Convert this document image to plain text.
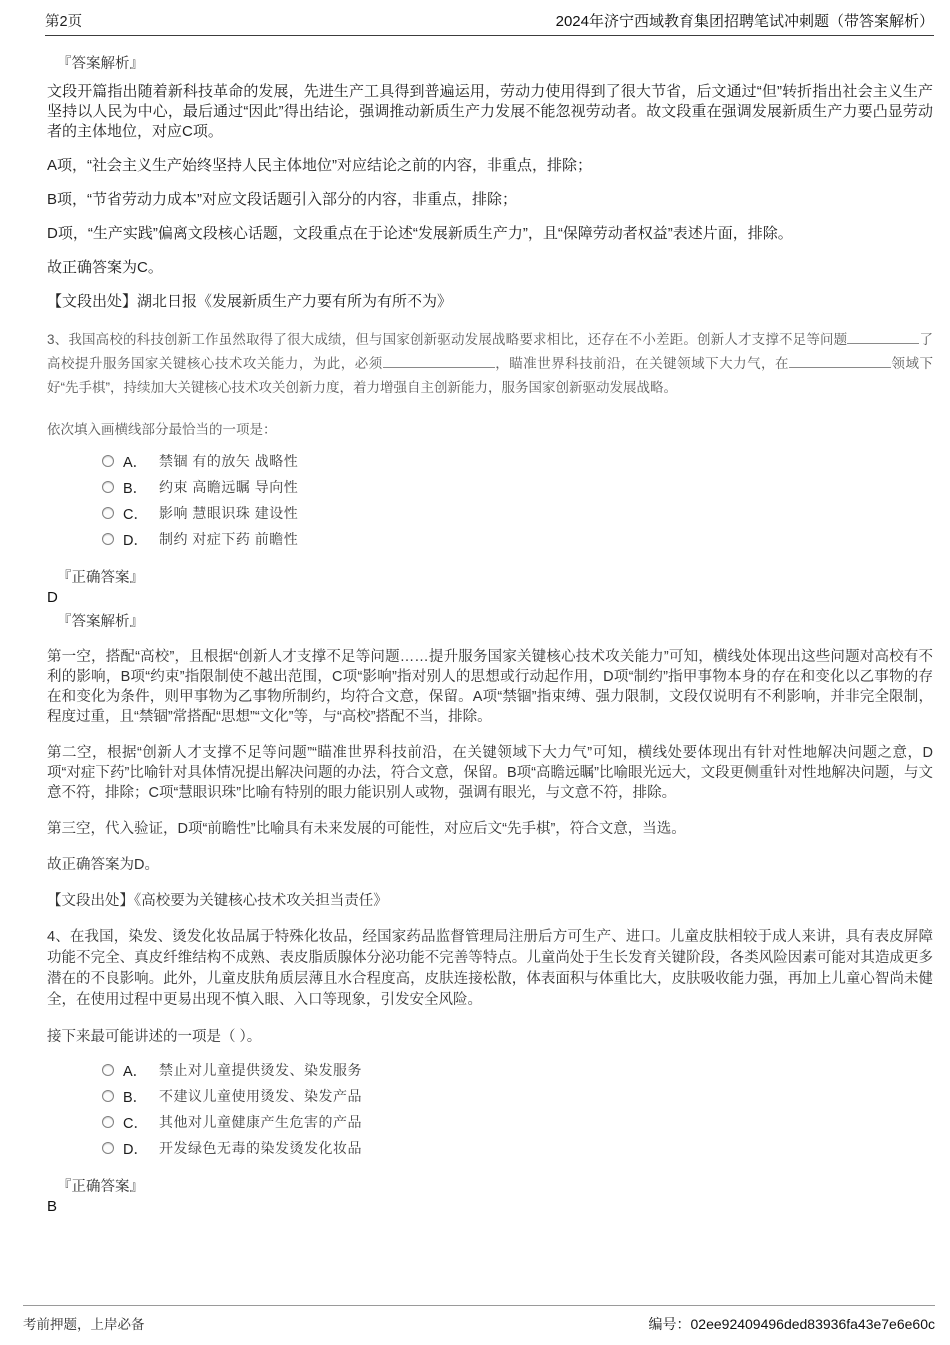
第2页	2024年济宁西域教育集团招聘笔试冲刺题（带答案解析）

『答案解析』

文段开篇指出随着新科技革命的发展，先进生产工具得到普遍运用，劳动力使用得到了很大节省，后文通过“但”转折指出社会主义生产坚持以人民为中心，最后通过“因此”得出结论，强调推动新质生产力发展不能忽视劳动者。故文段重在强调发展新质生产力要凸显劳动者的主体地位，对应C项。

A项，“社会主义生产始终坚持人民主体地位”对应结论之前的内容，非重点，排除；

B项，“节省劳动力成本”对应文段话题引入部分的内容，非重点，排除；

D项，“生产实践”偏离文段核心话题，文段重点在于论述“发展新质生产力”，且“保障劳动者权益”表述片面，排除。

故正确答案为C。

【文段出处】湖北日报《发展新质生产力要有所为有所不为》

3、我国高校的科技创新工作虽然取得了很大成绩，但与国家创新驱动发展战略要求相比，还存在不小差距。创新人才支撑不足等问题	了高校提升服务国家关键核心技术攻关能力，为此，必须	，瞄准世界科技前沿，在关键领域下大力气，在	领域下好“先手棋”，持续加大关键核心技术攻关创新力度，着力增强自主创新能力，服务国家创新驱动发展战略。

依次填入画横线部分最恰当的一项是：

A． 禁锢 有的放矢 战略性
B． 约束 高瞻远瞩 导向性
C． 影响 慧眼识珠 建设性
D． 制约 对症下药 前瞻性

『正确答案』

D

『答案解析』

第一空，搭配“高校”，且根据“创新人才支撑不足等问题……提升服务国家关键核心技术攻关能力”可知，横线处体现出这些问题对高校有不利的影响，B项“约束”指限制使不越出范围，C项“影响”指对别人的思想或行动起作用，D项“制约”指甲事物本身的存在和变化以乙事物的存在和变化为条件，则甲事物为乙事物所制约，均符合文意，保留。A项“禁锢”指束缚、强力限制，文段仅说明有不利影响，并非完全限制，程度过重，且“禁锢”常搭配“思想”“文化”等，与“高校”搭配不当，排除。

第二空，根据“创新人才支撑不足等问题”“瞄准世界科技前沿，在关键领域下大力气”可知，横线处要体现出有针对性地解决问题之意，D项“对症下药”比喻针对具体情况提出解决问题的办法，符合文意，保留。B项“高瞻远瞩”比喻眼光远大，文段更侧重针对性地解决问题，与文意不符，排除；C项“慧眼识珠”比喻有特别的眼力能识别人或物，强调有眼光，与文意不符，排除。

第三空，代入验证，D项“前瞻性”比喻具有未来发展的可能性，对应后文“先手棋”，符合文意，当选。

故正确答案为D。

【文段出处】《高校要为关键核心技术攻关担当责任》

4、在我国，染发、烫发化妆品属于特殊化妆品，经国家药品监督管理局注册后方可生产、进口。儿童皮肤相较于成人来讲，具有表皮屏障功能不完全、真皮纤维结构不成熟、表皮脂质腺体分泌功能不完善等特点。儿童尚处于生长发育关键阶段，各类风险因素可能对其造成更多潜在的不良影响。此外，儿童皮肤角质层薄且水合程度高，皮肤连接松散，体表面积与体重比大，皮肤吸收能力强，再加上儿童心智尚未健全，在使用过程中更易出现不慎入眼、入口等现象，引发安全风险。

接下来最可能讲述的一项是（ ）。

A． 禁止对儿童提供烫发、染发服务
B． 不建议儿童使用烫发、染发产品
C． 其他对儿童健康产生危害的产品
D． 开发绿色无毒的染发烫发化妆品

『正确答案』

B

考前押题，上岸必备	编号：02ee92409496ded83936fa43e7e6e60c
